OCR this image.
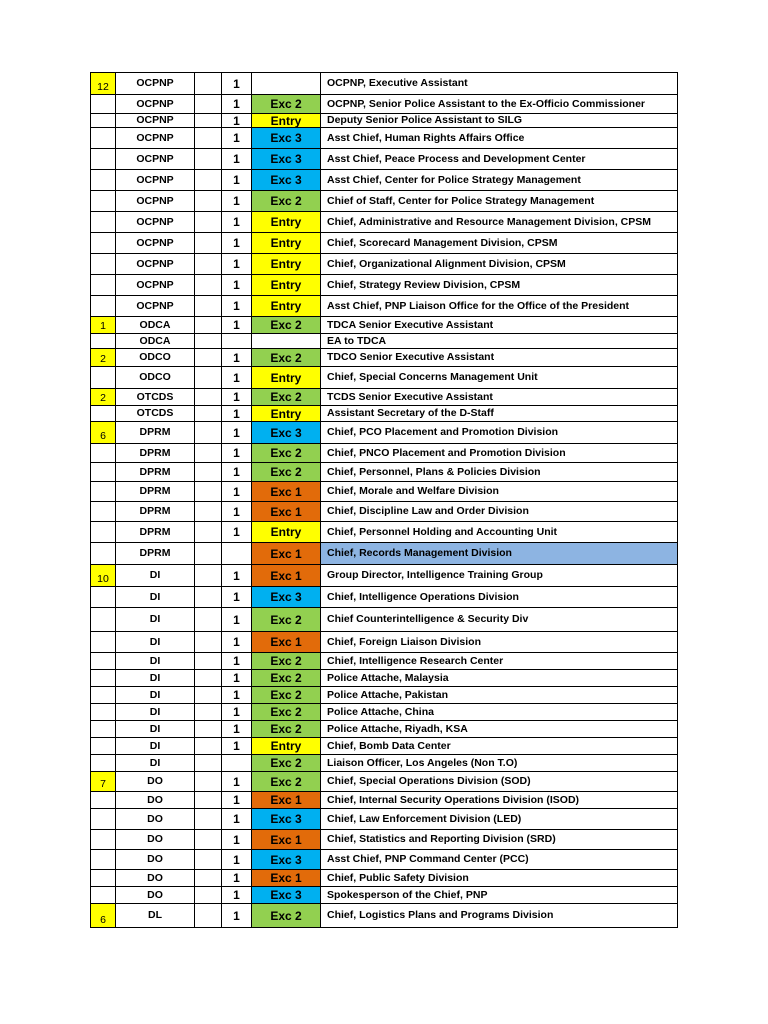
12	OCPNP		1		OCPNP, Executive Assistant
	OCPNP		1	Exc 2	OCPNP, Senior Police Assistant to the Ex-Officio Commissioner
	OCPNP		1	Entry	Deputy Senior Police Assistant to SILG
	OCPNP		1	Exc 3	Asst Chief, Human Rights Affairs Office
	OCPNP		1	Exc 3	Asst Chief, Peace Process and Development Center
	OCPNP		1	Exc 3	Asst Chief, Center for Police Strategy Management
	OCPNP		1	Exc 2	Chief of Staff, Center for Police Strategy Management
	OCPNP		1	Entry	Chief, Administrative and Resource Management Division, CPSM
	OCPNP		1	Entry	Chief, Scorecard Management Division, CPSM
	OCPNP		1	Entry	Chief, Organizational Alignment Division, CPSM
	OCPNP		1	Entry	Chief, Strategy Review Division, CPSM
	OCPNP		1	Entry	Asst Chief, PNP Liaison Office for the Office of the President
1	ODCA		1	Exc 2	TDCA Senior Executive Assistant
	ODCA				EA to TDCA
2	ODCO		1	Exc 2	TDCO Senior Executive Assistant
	ODCO		1	Entry	Chief, Special Concerns Management Unit
2	OTCDS		1	Exc 2	TCDS Senior Executive Assistant
	OTCDS		1	Entry	Assistant Secretary of the D-Staff
6	DPRM		1	Exc 3	Chief, PCO Placement and Promotion Division
	DPRM		1	Exc 2	Chief, PNCO Placement and Promotion Division
	DPRM		1	Exc 2	Chief, Personnel, Plans & Policies Division
	DPRM		1	Exc 1	Chief, Morale and Welfare Division
	DPRM		1	Exc 1	Chief, Discipline Law and Order Division
	DPRM		1	Entry	Chief, Personnel Holding and Accounting Unit
	DPRM			Exc 1	Chief, Records Management Division
10	DI		1	Exc 1	Group Director, Intelligence Training Group
	DI		1	Exc 3	Chief, Intelligence Operations Division
	DI		1	Exc 2	Chief Counterintelligence & Security Div
	DI		1	Exc 1	Chief, Foreign Liaison Division
	DI		1	Exc 2	Chief, Intelligence Research Center
	DI		1	Exc 2	Police Attache, Malaysia
	DI		1	Exc 2	Police Attache, Pakistan
	DI		1	Exc 2	Police Attache, China
	DI		1	Exc 2	Police Attache, Riyadh, KSA
	DI		1	Entry	Chief, Bomb Data Center
	DI			Exc 2	Liaison Officer, Los Angeles (Non T.O)
7	DO		1	Exc 2	Chief, Special Operations Division (SOD)
	DO		1	Exc 1	Chief, Internal Security Operations Division (ISOD)
	DO		1	Exc 3	Chief, Law Enforcement Division (LED)
	DO		1	Exc 1	Chief, Statistics and Reporting Division (SRD)
	DO		1	Exc 3	Asst Chief, PNP Command Center (PCC)
	DO		1	Exc 1	Chief, Public Safety Division
	DO		1	Exc 3	Spokesperson of the Chief, PNP
6	DL		1	Exc 2	Chief, Logistics Plans and Programs Division
